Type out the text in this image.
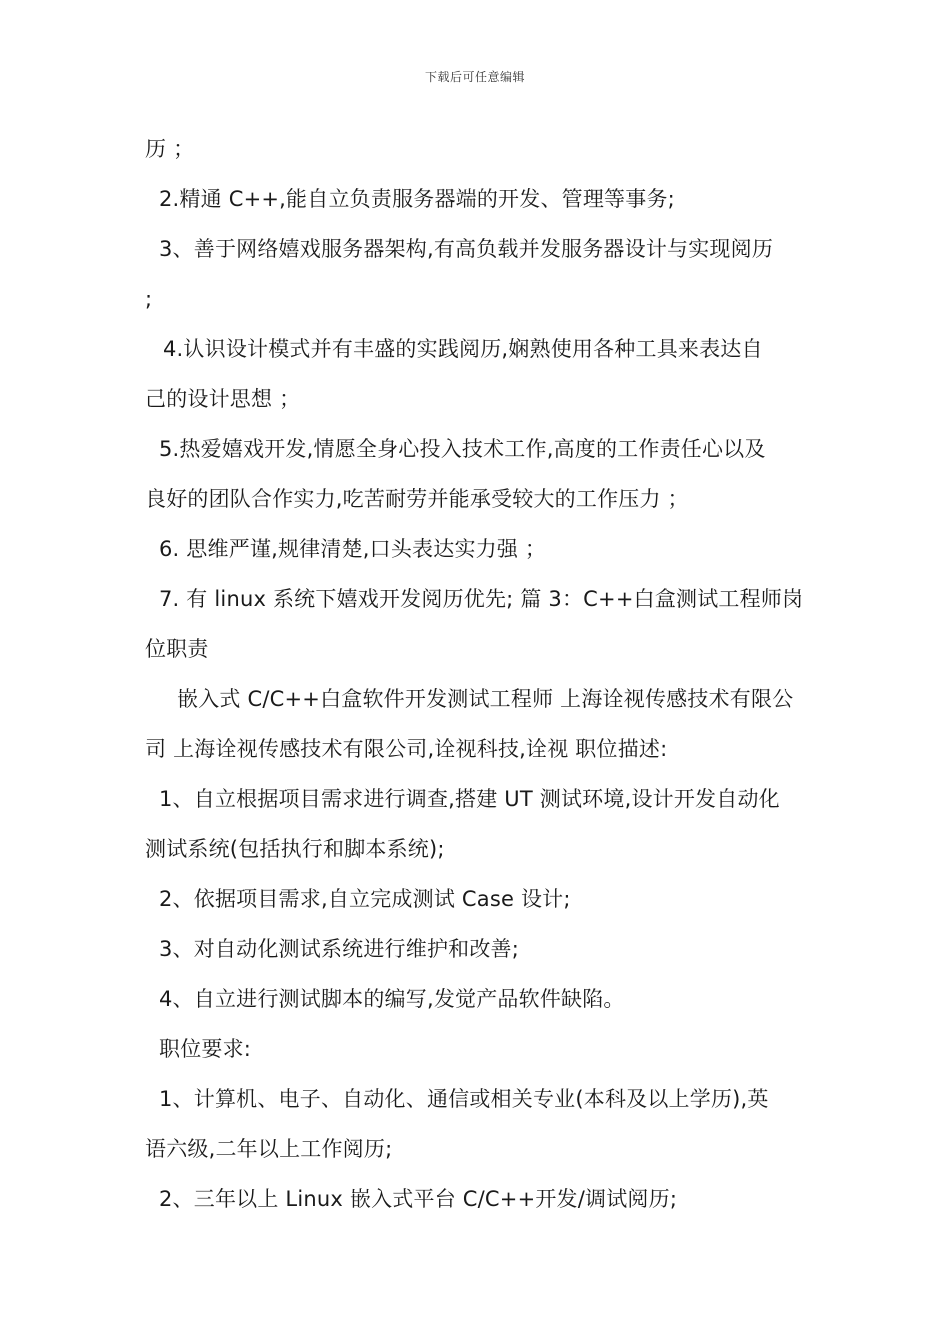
下载后可任意编辑
历 ；
2.精通 C++,能自立负责服务器端的开发、管理等事务;
3、善于网络嬉戏服务器架构,有高负载并发服务器设计与实现阅历
;
4.认识设计模式并有丰盛的实践阅历,娴熟使用各种工具来表达自
己的设计思想 ；
5.热爱嬉戏开发,情愿全身心投入技术工作,高度的工作责任心以及
良好的团队合作实力,吃苦耐劳并能承受较大的工作压力 ；
6. 思维严谨,规律清楚,口头表达实力强 ；
7. 有 linux 系统下嬉戏开发阅历优先; 篇 3：C++白盒测试工程师岗
位职责
嵌入式 C/C++白盒软件开发测试工程师 上海诠视传感技术有限公
司 上海诠视传感技术有限公司,诠视科技,诠视 职位描述:
1、自立根据项目需求进行调查,搭建 UT 测试环境,设计开发自动化
测试系统(包括执行和脚本系统);
2、依据项目需求,自立完成测试 Case 设计;
3、对自动化测试系统进行维护和改善;
4、自立进行测试脚本的编写,发觉产品软件缺陷。
职位要求:
1、计算机、电子、自动化、通信或相关专业(本科及以上学历),英
语六级,二年以上工作阅历;
2、三年以上 Linux 嵌入式平台 C/C++开发/调试阅历;
